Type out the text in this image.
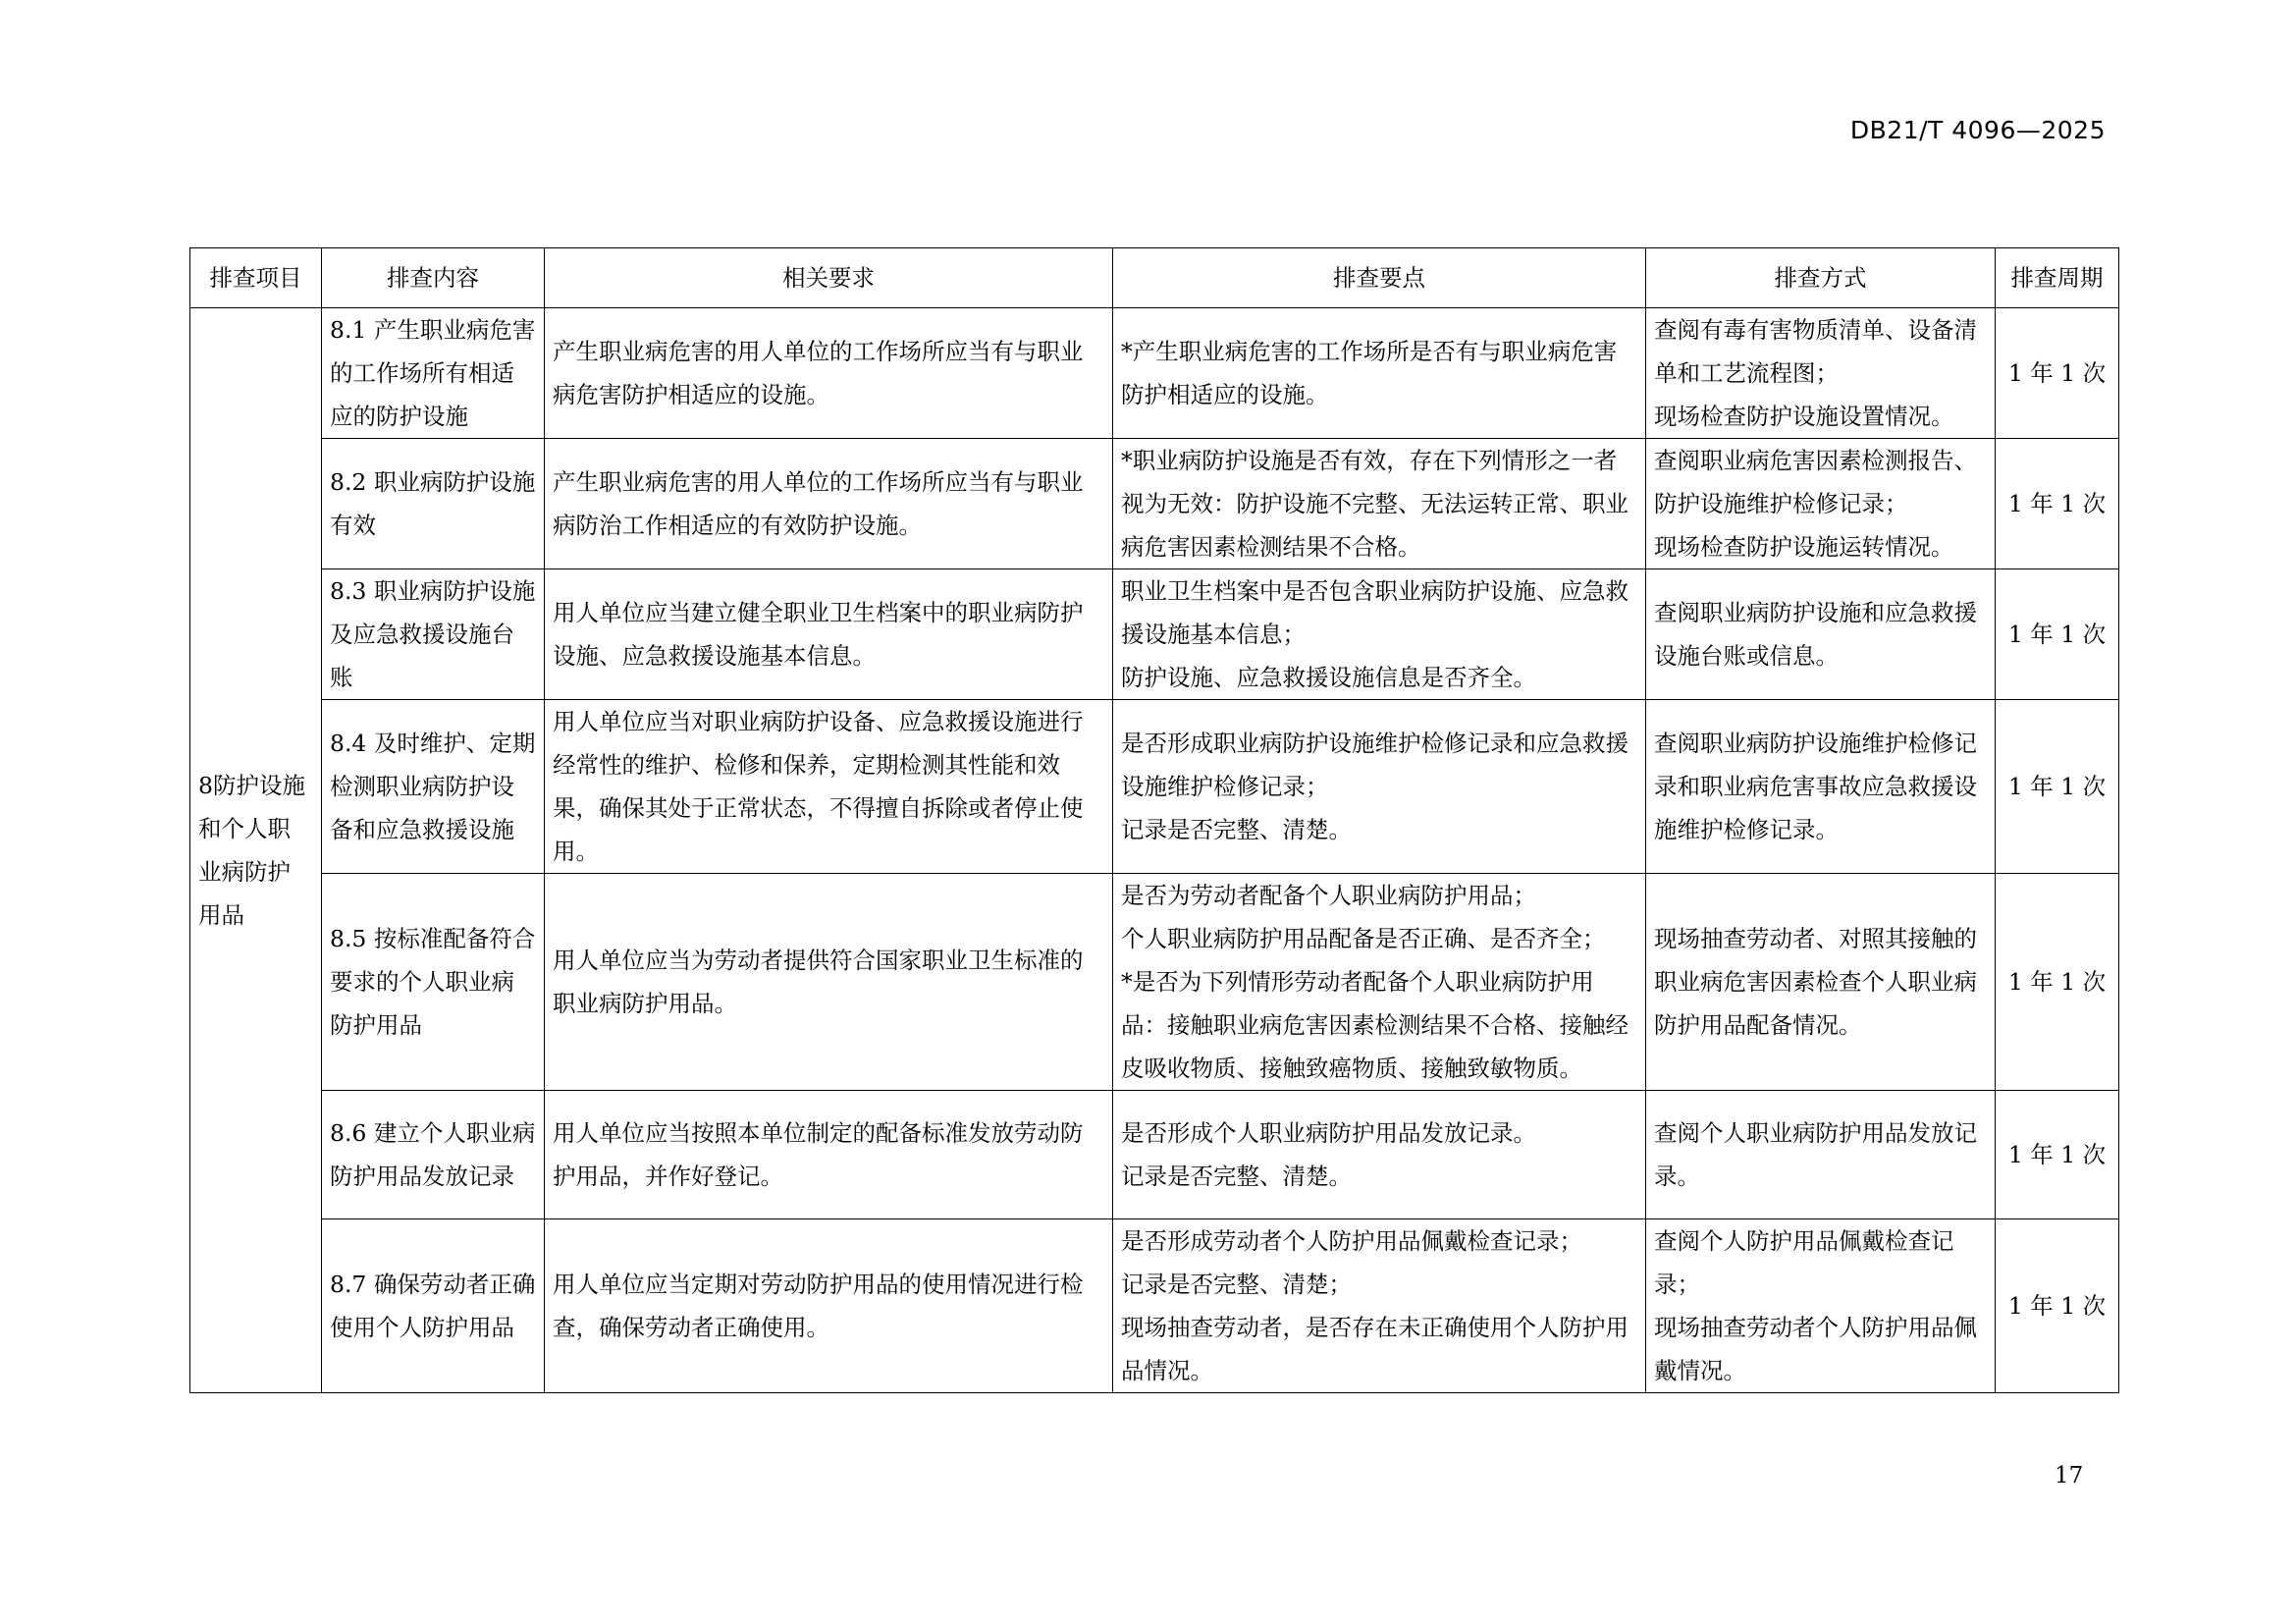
DB21/T 4096—2025
排查项目	排查内容	相关要求	排查要点	排查方式	排查周期
8防护设施和个人职业病防护用品	8.1 产生职业病危害的工作场所有相适应的防护设施	产生职业病危害的用人单位的工作场所应当有与职业病危害防护相适应的设施。	*产生职业病危害的工作场所是否有与职业病危害防护相适应的设施。	查阅有毒有害物质清单、设备清单和工艺流程图；
现场检查防护设施设置情况。	1 年 1 次
	8.2 职业病防护设施有效	产生职业病危害的用人单位的工作场所应当有与职业病防治工作相适应的有效防护设施。	*职业病防护设施是否有效，存在下列情形之一者视为无效：防护设施不完整、无法运转正常、职业病危害因素检测结果不合格。	查阅职业病危害因素检测报告、防护设施维护检修记录；
现场检查防护设施运转情况。	1 年 1 次
	8.3 职业病防护设施及应急救援设施台账	用人单位应当建立健全职业卫生档案中的职业病防护设施、应急救援设施基本信息。	职业卫生档案中是否包含职业病防护设施、应急救援设施基本信息；
防护设施、应急救援设施信息是否齐全。	查阅职业病防护设施和应急救援设施台账或信息。	1 年 1 次
	8.4 及时维护、定期检测职业病防护设备和应急救援设施	用人单位应当对职业病防护设备、应急救援设施进行经常性的维护、检修和保养，定期检测其性能和效果，确保其处于正常状态，不得擅自拆除或者停止使用。	是否形成职业病防护设施维护检修记录和应急救援设施维护检修记录；
记录是否完整、清楚。	查阅职业病防护设施维护检修记录和职业病危害事故应急救援设施维护检修记录。	1 年 1 次
	8.5 按标准配备符合要求的个人职业病防护用品	用人单位应当为劳动者提供符合国家职业卫生标准的职业病防护用品。	是否为劳动者配备个人职业病防护用品；
个人职业病防护用品配备是否正确、是否齐全；
*是否为下列情形劳动者配备个人职业病防护用品：接触职业病危害因素检测结果不合格、接触经皮吸收物质、接触致癌物质、接触致敏物质。	现场抽查劳动者、对照其接触的职业病危害因素检查个人职业病防护用品配备情况。	1 年 1 次
	8.6 建立个人职业病防护用品发放记录	用人单位应当按照本单位制定的配备标准发放劳动防护用品，并作好登记。	是否形成个人职业病防护用品发放记录。
记录是否完整、清楚。	查阅个人职业病防护用品发放记录。	1 年 1 次
	8.7 确保劳动者正确使用个人防护用品	用人单位应当定期对劳动防护用品的使用情况进行检查，确保劳动者正确使用。	是否形成劳动者个人防护用品佩戴检查记录；
记录是否完整、清楚；
现场抽查劳动者，是否存在未正确使用个人防护用品情况。	查阅个人防护用品佩戴检查记录；
现场抽查劳动者个人防护用品佩戴情况。	1 年 1 次
17
